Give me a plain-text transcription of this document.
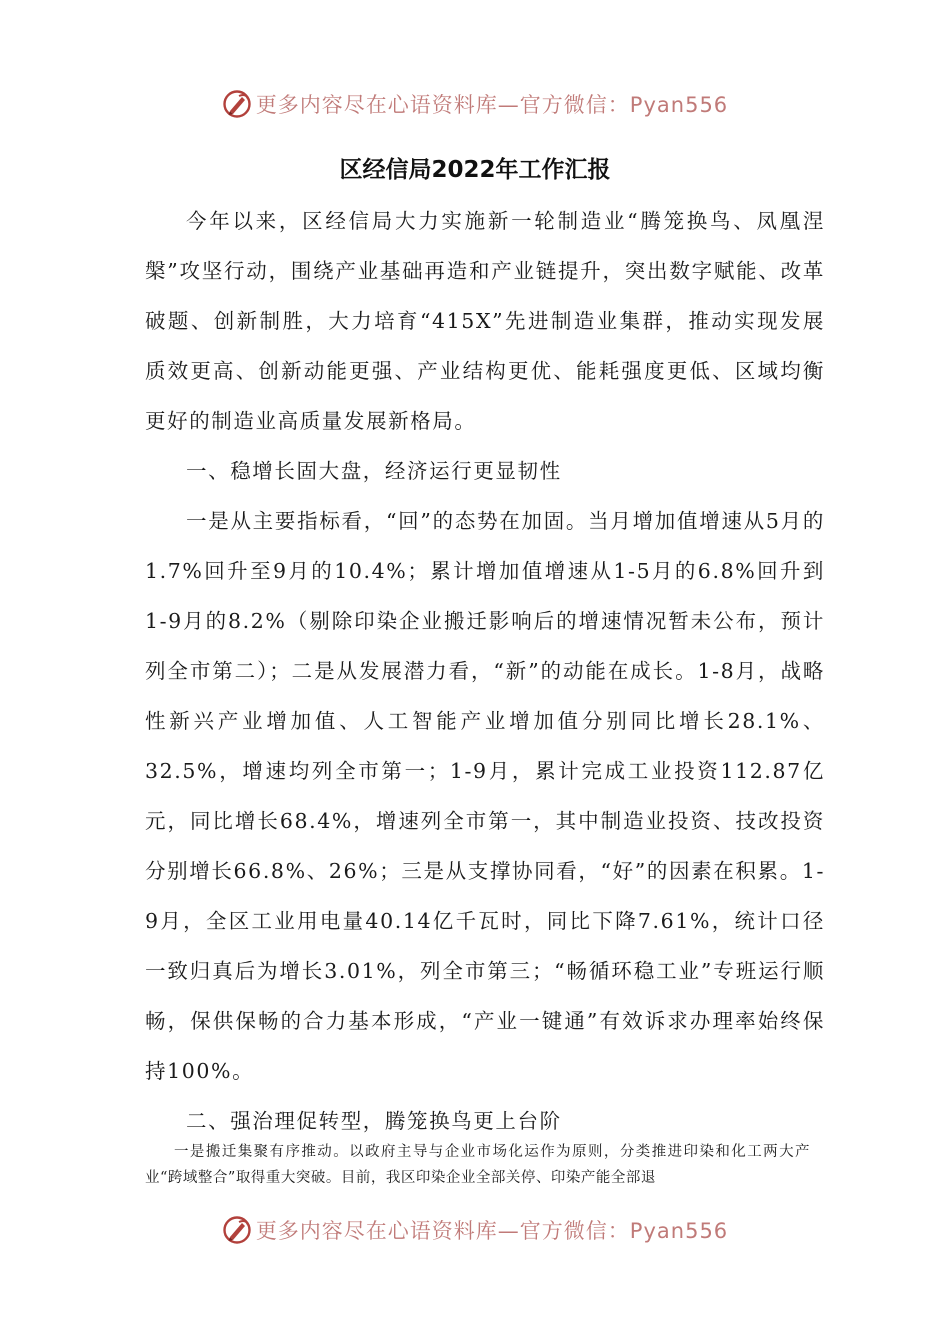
更多内容尽在心语资料库—官方微信：Pyan556
区经信局2022年工作汇报

今年以来，区经信局大力实施新一轮制造业“腾笼换鸟、凤凰涅槃”攻坚行动，围绕产业基础再造和产业链提升，突出数字赋能、改革破题、创新制胜，大力培育“415X”先进制造业集群，推动实现发展质效更高、创新动能更强、产业结构更优、能耗强度更低、区域均衡更好的制造业高质量发展新格局。

一、稳增长固大盘，经济运行更显韧性

一是从主要指标看，“回”的态势在加固。当月增加值增速从5月的1.7%回升至9月的10.4%；累计增加值增速从1-5月的6.8%回升到1-9月的8.2%（剔除印染企业搬迁影响后的增速情况暂未公布，预计列全市第二）；二是从发展潜力看，“新”的动能在成长。1-8月，战略性新兴产业增加值、人工智能产业增加值分别同比增长28.1%、32.5%，增速均列全市第一；1-9月，累计完成工业投资112.87亿元，同比增长68.4%，增速列全市第一，其中制造业投资、技改投资分别增长66.8%、26%；三是从支撑协同看，“好”的因素在积累。1-9月，全区工业用电量40.14亿千瓦时，同比下降7.61%，统计口径一致归真后为增长3.01%，列全市第三；“畅循环稳工业”专班运行顺畅，保供保畅的合力基本形成，“产业一键通”有效诉求办理率始终保持100%。

二、强治理促转型，腾笼换鸟更上台阶

一是搬迁集聚有序推动。以政府主导与企业市场化运作为原则，分类推进印染和化工两大产业“跨域整合”取得重大突破。目前，我区印染企业全部关停、印染产能全部退

更多内容尽在心语资料库—官方微信：Pyan556
